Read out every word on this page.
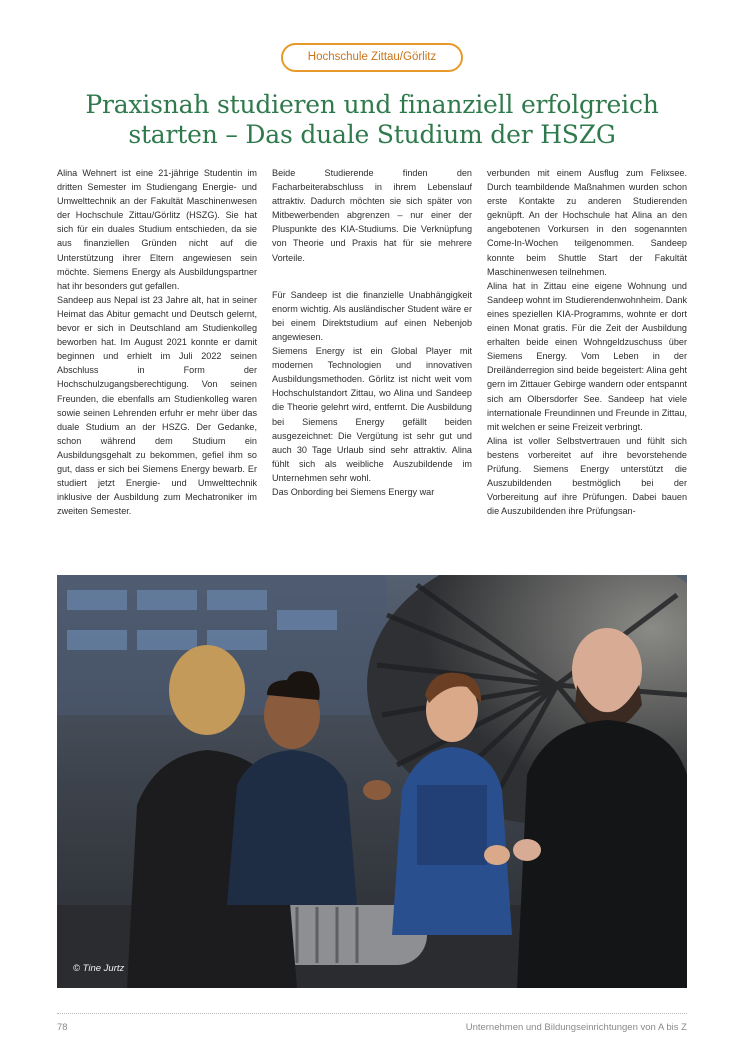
Hochschule Zittau/Görlitz
Praxisnah studieren und finanziell erfolgreich starten – Das duale Studium der HSZG

Alina Wehnert ist eine 21-jährige Studentin im dritten Semester im Studiengang Energie- und Umwelttechnik an der Fakultät Maschinenwesen der Hochschule Zittau/Görlitz (HSZG). Sie hat sich für ein duales Studium entschieden, da sie aus finanziellen Gründen nicht auf die Unterstützung ihrer Eltern angewiesen sein möchte. Siemens Energy als Ausbildungspartner hat ihr besonders gut gefallen.

Sandeep aus Nepal ist 23 Jahre alt, hat in seiner Heimat das Abitur gemacht und Deutsch gelernt, bevor er sich in Deutschland am Studienkolleg beworben hat. Im August 2021 konnte er damit beginnen und erhielt im Juli 2022 seinen Abschluss in Form der Hochschulzugangsberechtigung. Von seinen Freunden, die ebenfalls am Studienkolleg waren sowie seinen Lehrenden erfuhr er mehr über das duale Studium an der HSZG. Der Gedanke, schon während dem Studium ein Ausbildungsgehalt zu bekommen, gefiel ihm so gut, dass er sich bei Siemens Energy bewarb. Er studiert jetzt Energie- und Umwelttechnik inklusive der Ausbildung zum Mechatroniker im zweiten Semester.

Beide Studierende finden den Facharbeiterabschluss in ihrem Lebenslauf attraktiv. Dadurch möchten sie sich später von Mitbewerbenden abgrenzen – nur einer der Pluspunkte des KIA-Studiums. Die Verknüpfung von Theorie und Praxis hat für sie mehrere Vorteile.

Für Sandeep ist die finanzielle Unabhängigkeit enorm wichtig. Als ausländischer Student wäre er bei einem Direktstudium auf einen Nebenjob angewiesen.

Siemens Energy ist ein Global Player mit modernen Technologien und innovativen Ausbildungsmethoden. Görlitz ist nicht weit vom Hochschulstandort Zittau, wo Alina und Sandeep die Theorie gelehrt wird, entfernt. Die Ausbildung bei Siemens Energy gefällt beiden ausgezeichnet: Die Vergütung ist sehr gut und auch 30 Tage Urlaub sind sehr attraktiv. Alina fühlt sich als weibliche Auszubildende im Unternehmen sehr wohl.

Das Onbording bei Siemens Energy war

verbunden mit einem Ausflug zum Felixsee. Durch teambildende Maßnahmen wurden schon erste Kontakte zu anderen Studierenden geknüpft. An der Hochschule hat Alina an den angebotenen Vorkursen in den sogenannten Come-In-Wochen teilgenommen. Sandeep konnte beim Shuttle Start der Fakultät Maschinenwesen teilnehmen.

Alina hat in Zittau eine eigene Wohnung und Sandeep wohnt im Studierendenwohnheim. Dank eines speziellen KIA-Programms, wohnte er dort einen Monat gratis. Für die Zeit der Ausbildung erhalten beide einen Wohngeldzuschuss über Siemens Energy. Vom Leben in der Dreiländerregion sind beide begeistert: Alina geht gern im Zittauer Gebirge wandern oder entspannt sich am Olbersdorfer See. Sandeep hat viele internationale Freundinnen und Freunde in Zittau, mit welchen er seine Freizeit verbringt.

Alina ist voller Selbstvertrauen und fühlt sich bestens vorbereitet auf ihre bevorstehende Prüfung. Siemens Energy unterstützt die Auszubildenden bestmöglich bei der Vorbereitung auf ihre Prüfungen. Dabei bauen die Auszubildenden ihre Prüfungsan-

© Tine Jurtz
78	Unternehmen und Bildungseinrichtungen von A bis Z
